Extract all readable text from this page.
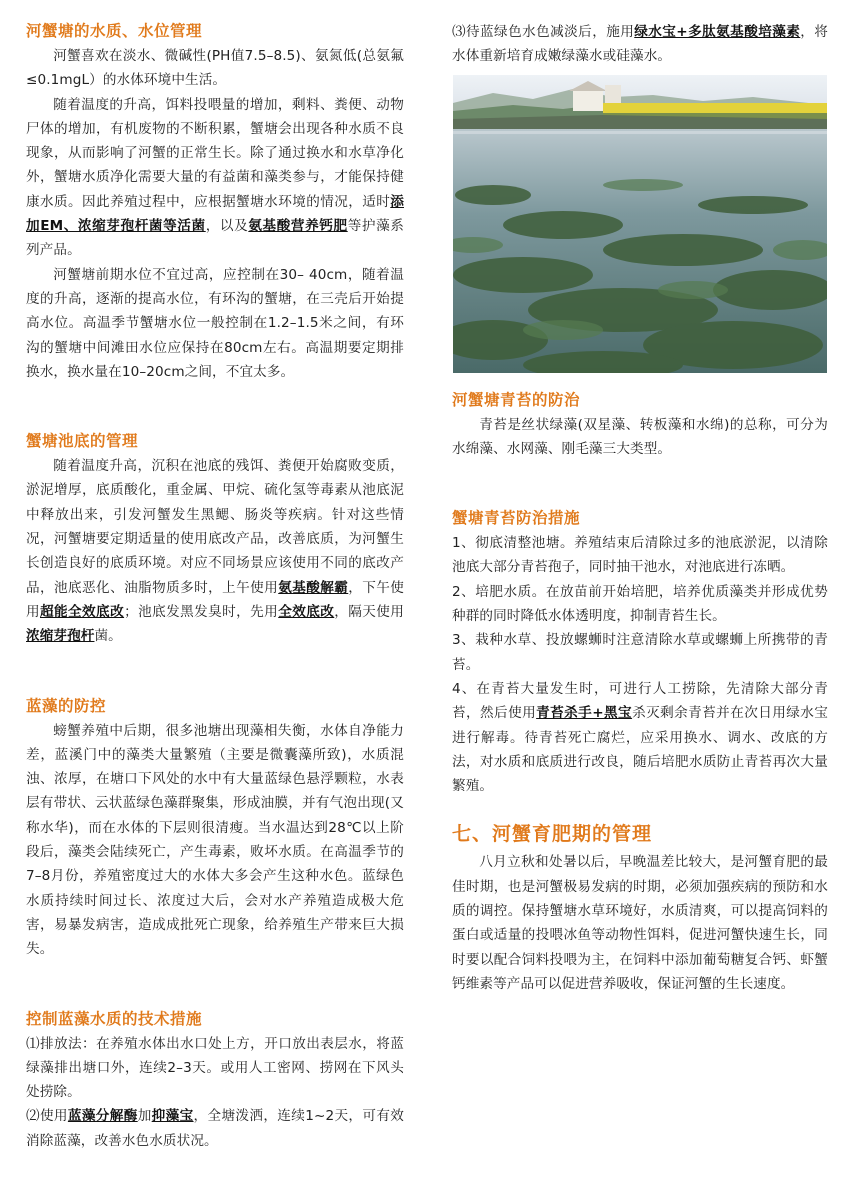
河蟹塘的水质、水位管理

河蟹喜欢在淡水、微碱性(PH值7.5–8.5)、氨氮低(总氨氟≤0.1mgL）的水体环境中生活。

随着温度的升高，饵料投喂量的增加，剩料、粪便、动物尸体的增加，有机废物的不断积累，蟹塘会出现各种水质不良现象，从而影响了河蟹的正常生长。除了通过换水和水草净化外，蟹塘水质净化需要大量的有益菌和藻类参与，才能保持健康水质。因此养殖过程中，应根据蟹塘水环境的情况，适时添加EM、浓缩芽孢杆菌等活菌，以及氨基酸营养钙肥等护藻系列产品。

河蟹塘前期水位不宜过高，应控制在30– 40cm，随着温度的升高，逐渐的提高水位，有环沟的蟹塘，在三壳后开始提高水位。高温季节蟹塘水位一般控制在1.2–1.5米之间，有环沟的蟹塘中间滩田水位应保持在80cm左右。高温期要定期排换水，换水量在10–20cm之间，不宜太多。

蟹塘池底的管理

随着温度升高，沉积在池底的残饵、粪便开始腐败变质，淤泥增厚，底质酸化，重金属、甲烷、硫化氢等毒素从池底泥中释放出来，引发河蟹发生黑鳃、肠炎等疾病。针对这些情况，河蟹塘要定期适量的使用底改产品，改善底质，为河蟹生长创造良好的底质环境。对应不同场景应该使用不同的底改产品，池底恶化、油脂物质多时，上午使用氨基酸解霸，下午使用超能全效底改；池底发黑发臭时，先用全效底改，隔天使用浓缩芽孢杆菌。

蓝藻的防控

螃蟹养殖中后期，很多池塘出现藻相失衡，水体自净能力差，蓝溪门中的藻类大量繁殖（主要是微囊藻所致)，水质混浊、浓厚，在塘口下风处的水中有大量蓝绿色悬浮颗粒，水表层有带状、云状蓝绿色藻群聚集，形成油膜，并有气泡出现(又称水华)，而在水体的下层则很清瘦。当水温达到28℃以上阶段后，藻类会陆续死亡，产生毒素，败坏水质。在高温季节的7–8月份，养殖密度过大的水体大多会产生这种水色。蓝绿色水质持续时间过长、浓度过大后，会对水产养殖造成极大危害，易暴发病害，造成成批死亡现象，给养殖生产带来巨大损失。

控制蓝藻水质的技术措施

⑴排放法：在养殖水体出水口处上方，开口放出表层水，将蓝绿藻排出塘口外，连续2–3天。或用人工密网、捞网在下风头处捞除。

⑵使用蓝藻分解酶加抑藻宝，全塘泼洒，连续1~2天，可有效消除蓝藻，改善水色水质状况。

⑶待蓝绿色水色减淡后，施用绿水宝+多肽氨基酸培藻素，将水体重新培育成嫩绿藻水或硅藻水。

河蟹塘青苔的防治

青苔是丝状绿藻(双星藻、转板藻和水绵)的总称，可分为水绵藻、水网藻、刚毛藻三大类型。

蟹塘青苔防治措施

1、彻底清整池塘。养殖结束后清除过多的池底淤泥，以清除池底大部分青苔孢子，同时抽干池水，对池底进行冻晒。

2、培肥水质。在放苗前开始培肥，培养优质藻类并形成优势种群的同时降低水体透明度，抑制青苔生长。

3、栽种水草、投放螺蛳时注意清除水草或螺蛳上所携带的青苔。

4、在青苔大量发生时，可进行人工捞除，先清除大部分青苔，然后使用青苔杀手+黑宝杀灭剩余青苔并在次日用绿水宝进行解毒。待青苔死亡腐烂，应采用换水、调水、改底的方法，对水质和底质进行改良，随后培肥水质防止青苔再次大量繁殖。

七、河蟹育肥期的管理

八月立秋和处暑以后，早晚温差比较大，是河蟹育肥的最佳时期，也是河蟹极易发病的时期，必须加强疾病的预防和水质的调控。保持蟹塘水草环境好，水质清爽，可以提高饲料的蛋白或适量的投喂冰鱼等动物性饵料，促进河蟹快速生长，同时要以配合饲料投喂为主，在饲料中添加葡萄糖复合钙、虾蟹钙维素等产品可以促进营养吸收，保证河蟹的生长速度。
